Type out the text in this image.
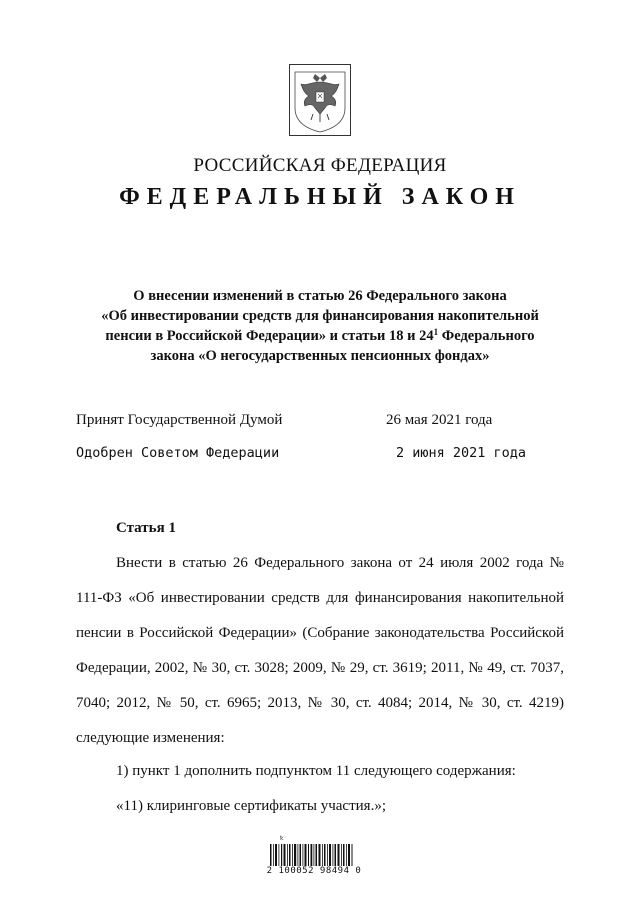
РОССИЙСКАЯ ФЕДЕРАЦИЯ
ФЕДЕРАЛЬНЫЙ ЗАКОН
О внесении изменений в статью 26 Федерального закона
«Об инвестировании средств для финансирования накопительной
пенсии в Российской Федерации» и статьи 18 и $24^1$ Федерального
закона «О негосударственных пенсионных фондах»
Принят Государственной Думой	26 мая 2021 года
Одобрен Советом Федерации	2 июня 2021 года
Статья 1
Внести в статью 26 Федерального закона от 24 июля 2002 года № 111-ФЗ «Об инвестировании средств для финансирования накопительной пенсии в Российской Федерации» (Собрание законодательства Российской Федерации, 2002, № 30, ст. 3028; 2009, № 29, ст. 3619; 2011, № 49, ст. 7037, 7040; 2012, № 50, ст. 6965; 2013, № 30, ст. 4084; 2014, № 30, ст. 4219) следующие изменения:
1) пункт 1 дополнить подпунктом 11 следующего содержания:
«11) клиринговые сертификаты участия.»;
ꝁ
2 100052 98494 0
